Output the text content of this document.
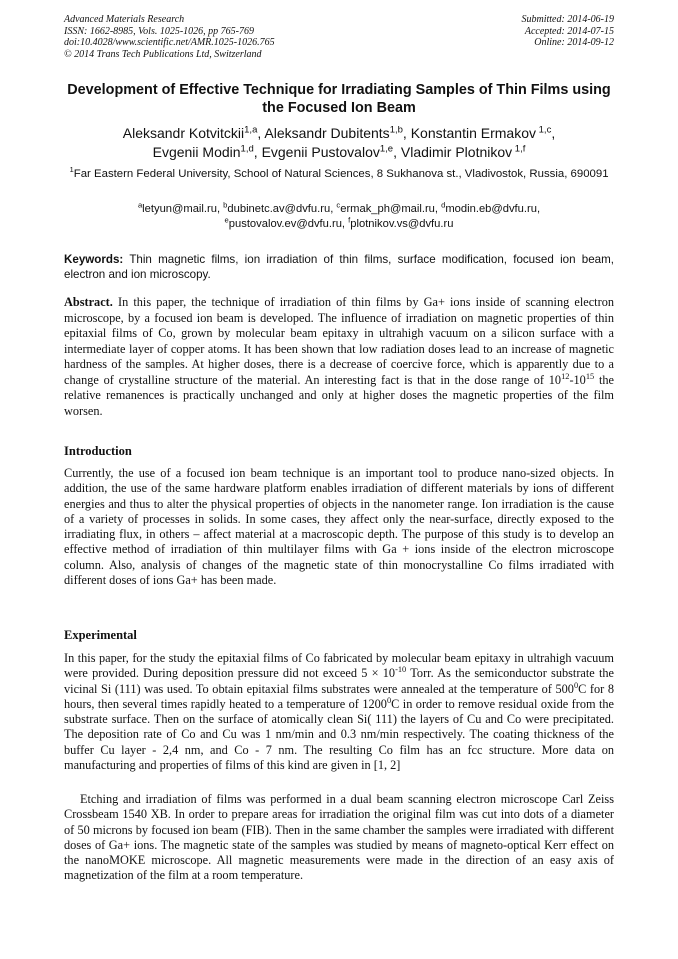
Advanced Materials Research
ISSN: 1662-8985, Vols. 1025-1026, pp 765-769
doi:10.4028/www.scientific.net/AMR.1025-1026.765
© 2014 Trans Tech Publications Ltd, Switzerland
Submitted: 2014-06-19
Accepted: 2014-07-15
Online: 2014-09-12
Development of Effective Technique for Irradiating Samples of Thin Films using the Focused Ion Beam
Aleksandr Kotvitckii$^{1,a}$, Aleksandr Dubitents$^{1,b}$, Konstantin Ermakov $^{1,c}$,
Evgenii Modin$^{1,d}$, Evgenii Pustovalov$^{1,e}$, Vladimir Plotnikov $^{1,f}$
$^1$Far Eastern Federal University, School of Natural Sciences, 8 Sukhanova st., Vladivostok, Russia, 690091
$^a$letyun@mail.ru, $^b$dubinetc.av@dvfu.ru, $^c$ermak_ph@mail.ru, $^d$modin.eb@dvfu.ru,
$^e$pustovalov.ev@dvfu.ru, $^f$plotnikov.vs@dvfu.ru
Keywords: Thin magnetic films, ion irradiation of thin films, surface modification, focused ion beam, electron and ion microscopy.
Abstract. In this paper, the technique of irradiation of thin films by Ga+ ions inside of scanning electron microscope, by a focused ion beam is developed. The influence of irradiation on magnetic properties of thin epitaxial films of Co, grown by molecular beam epitaxy in ultrahigh vacuum on a silicon surface with a intermediate layer of copper atoms. It has been shown that low radiation doses lead to an increase of magnetic hardness of the samples. At higher doses, there is a decrease of coercive force, which is apparently due to a change of crystalline structure of the material. An interesting fact is that in the dose range of $10^{12}-10^{15}$ the relative remanences is practically unchanged and only at higher doses the magnetic properties of the film worsen.
Introduction
Currently, the use of a focused ion beam technique is an important tool to produce nano-sized objects. In addition, the use of the same hardware platform enables irradiation of different materials by ions of different energies and thus to alter the physical properties of objects in the nanometer range. Ion irradiation is the cause of a variety of processes in solids. In some cases, they affect only the near-surface, directly exposed to the irradiating flux, in others – affect material at a macroscopic depth. The purpose of this study is to develop an effective method of irradiation of thin multilayer films with Ga + ions inside of the electron microscope column. Also, analysis of changes of the magnetic state of thin monocrystalline Co films irradiated with different doses of ions Ga+ has been made.
Experimental

In this paper, for the study the epitaxial films of Co fabricated by molecular beam epitaxy in ultrahigh vacuum were provided. During deposition pressure did not exceed $5 \times 10^{-10}$ Torr. As the semiconductor substrate the vicinal Si (111) was used. To obtain epitaxial films substrates were annealed at the temperature of $500^0C$ for 8 hours, then several times rapidly heated to a temperature of 1200$^0$C in order to remove residual oxide from the substrate surface. Then on the surface of atomically clean Si( 111) the layers of Cu and Co were precipitated. The deposition rate of Co and Cu was 1 nm/min and 0.3 nm/min respectively. The coating thickness of the buffer Cu layer - 2,4 nm, and Co - 7 nm. The resulting Co film has an fcc structure. More data on manufacturing and properties of films of this kind are given in [1, 2]

Etching and irradiation of films was performed in a dual beam scanning electron microscope Carl Zeiss Crossbeam 1540 XB. In order to prepare areas for irradiation the original film was cut into dots of a diameter of 50 microns by focused ion beam (FIB). Then in the same chamber the samples were irradiated with different doses of Ga+ ions. The magnetic state of the samples was studied by means of magneto-optical Kerr effect on the nanoMOKE microscope. All magnetic measurements were made in the direction of an easy axis of magnetization of the film at a room temperature.
